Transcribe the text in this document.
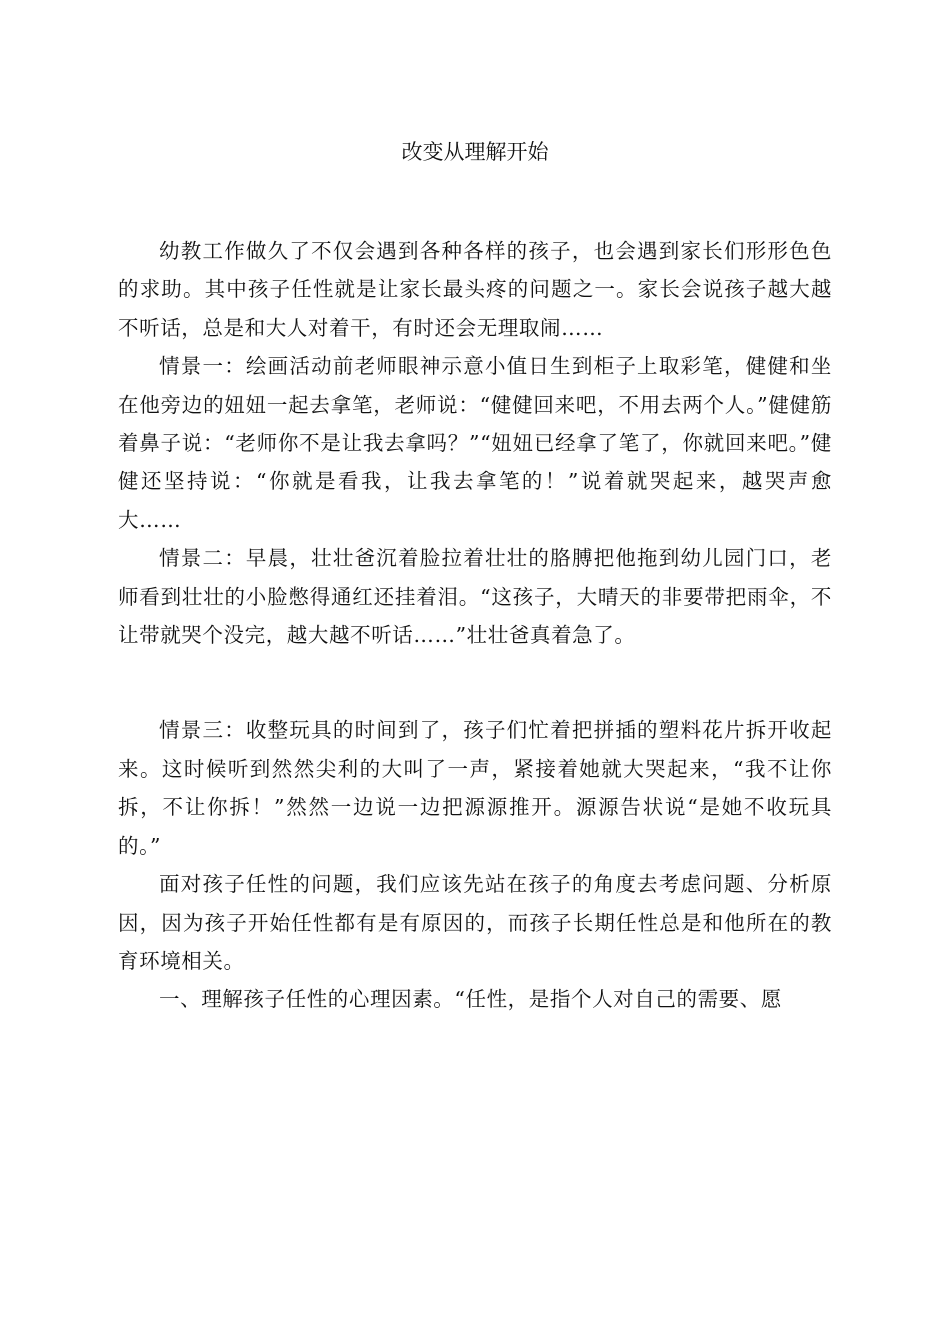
改变从理解开始

幼教工作做久了不仅会遇到各种各样的孩子，也会遇到家长们形形色色的求助。其中孩子任性就是让家长最头疼的问题之一。家长会说孩子越大越不听话，总是和大人对着干，有时还会无理取闹……

情景一：绘画活动前老师眼神示意小值日生到柜子上取彩笔，健健和坐在他旁边的妞妞一起去拿笔，老师说：“健健回来吧，不用去两个人。”健健筋着鼻子说：“老师你不是让我去拿吗？”“妞妞已经拿了笔了，你就回来吧。”健健还坚持说：“你就是看我，让我去拿笔的！”说着就哭起来，越哭声愈大……

情景二：早晨，壮壮爸沉着脸拉着壮壮的胳膊把他拖到幼儿园门口，老师看到壮壮的小脸憋得通红还挂着泪。“这孩子，大晴天的非要带把雨伞，不让带就哭个没完，越大越不听话……”壮壮爸真着急了。

情景三：收整玩具的时间到了，孩子们忙着把拼插的塑料花片拆开收起来。这时候听到然然尖利的大叫了一声，紧接着她就大哭起来，“我不让你拆，不让你拆！”然然一边说一边把源源推开。源源告状说“是她不收玩具的。”

面对孩子任性的问题，我们应该先站在孩子的角度去考虑问题、分析原因，因为孩子开始任性都有是有原因的，而孩子长期任性总是和他所在的教育环境相关。

一、理解孩子任性的心理因素。“任性，是指个人对自己的需要、愿
